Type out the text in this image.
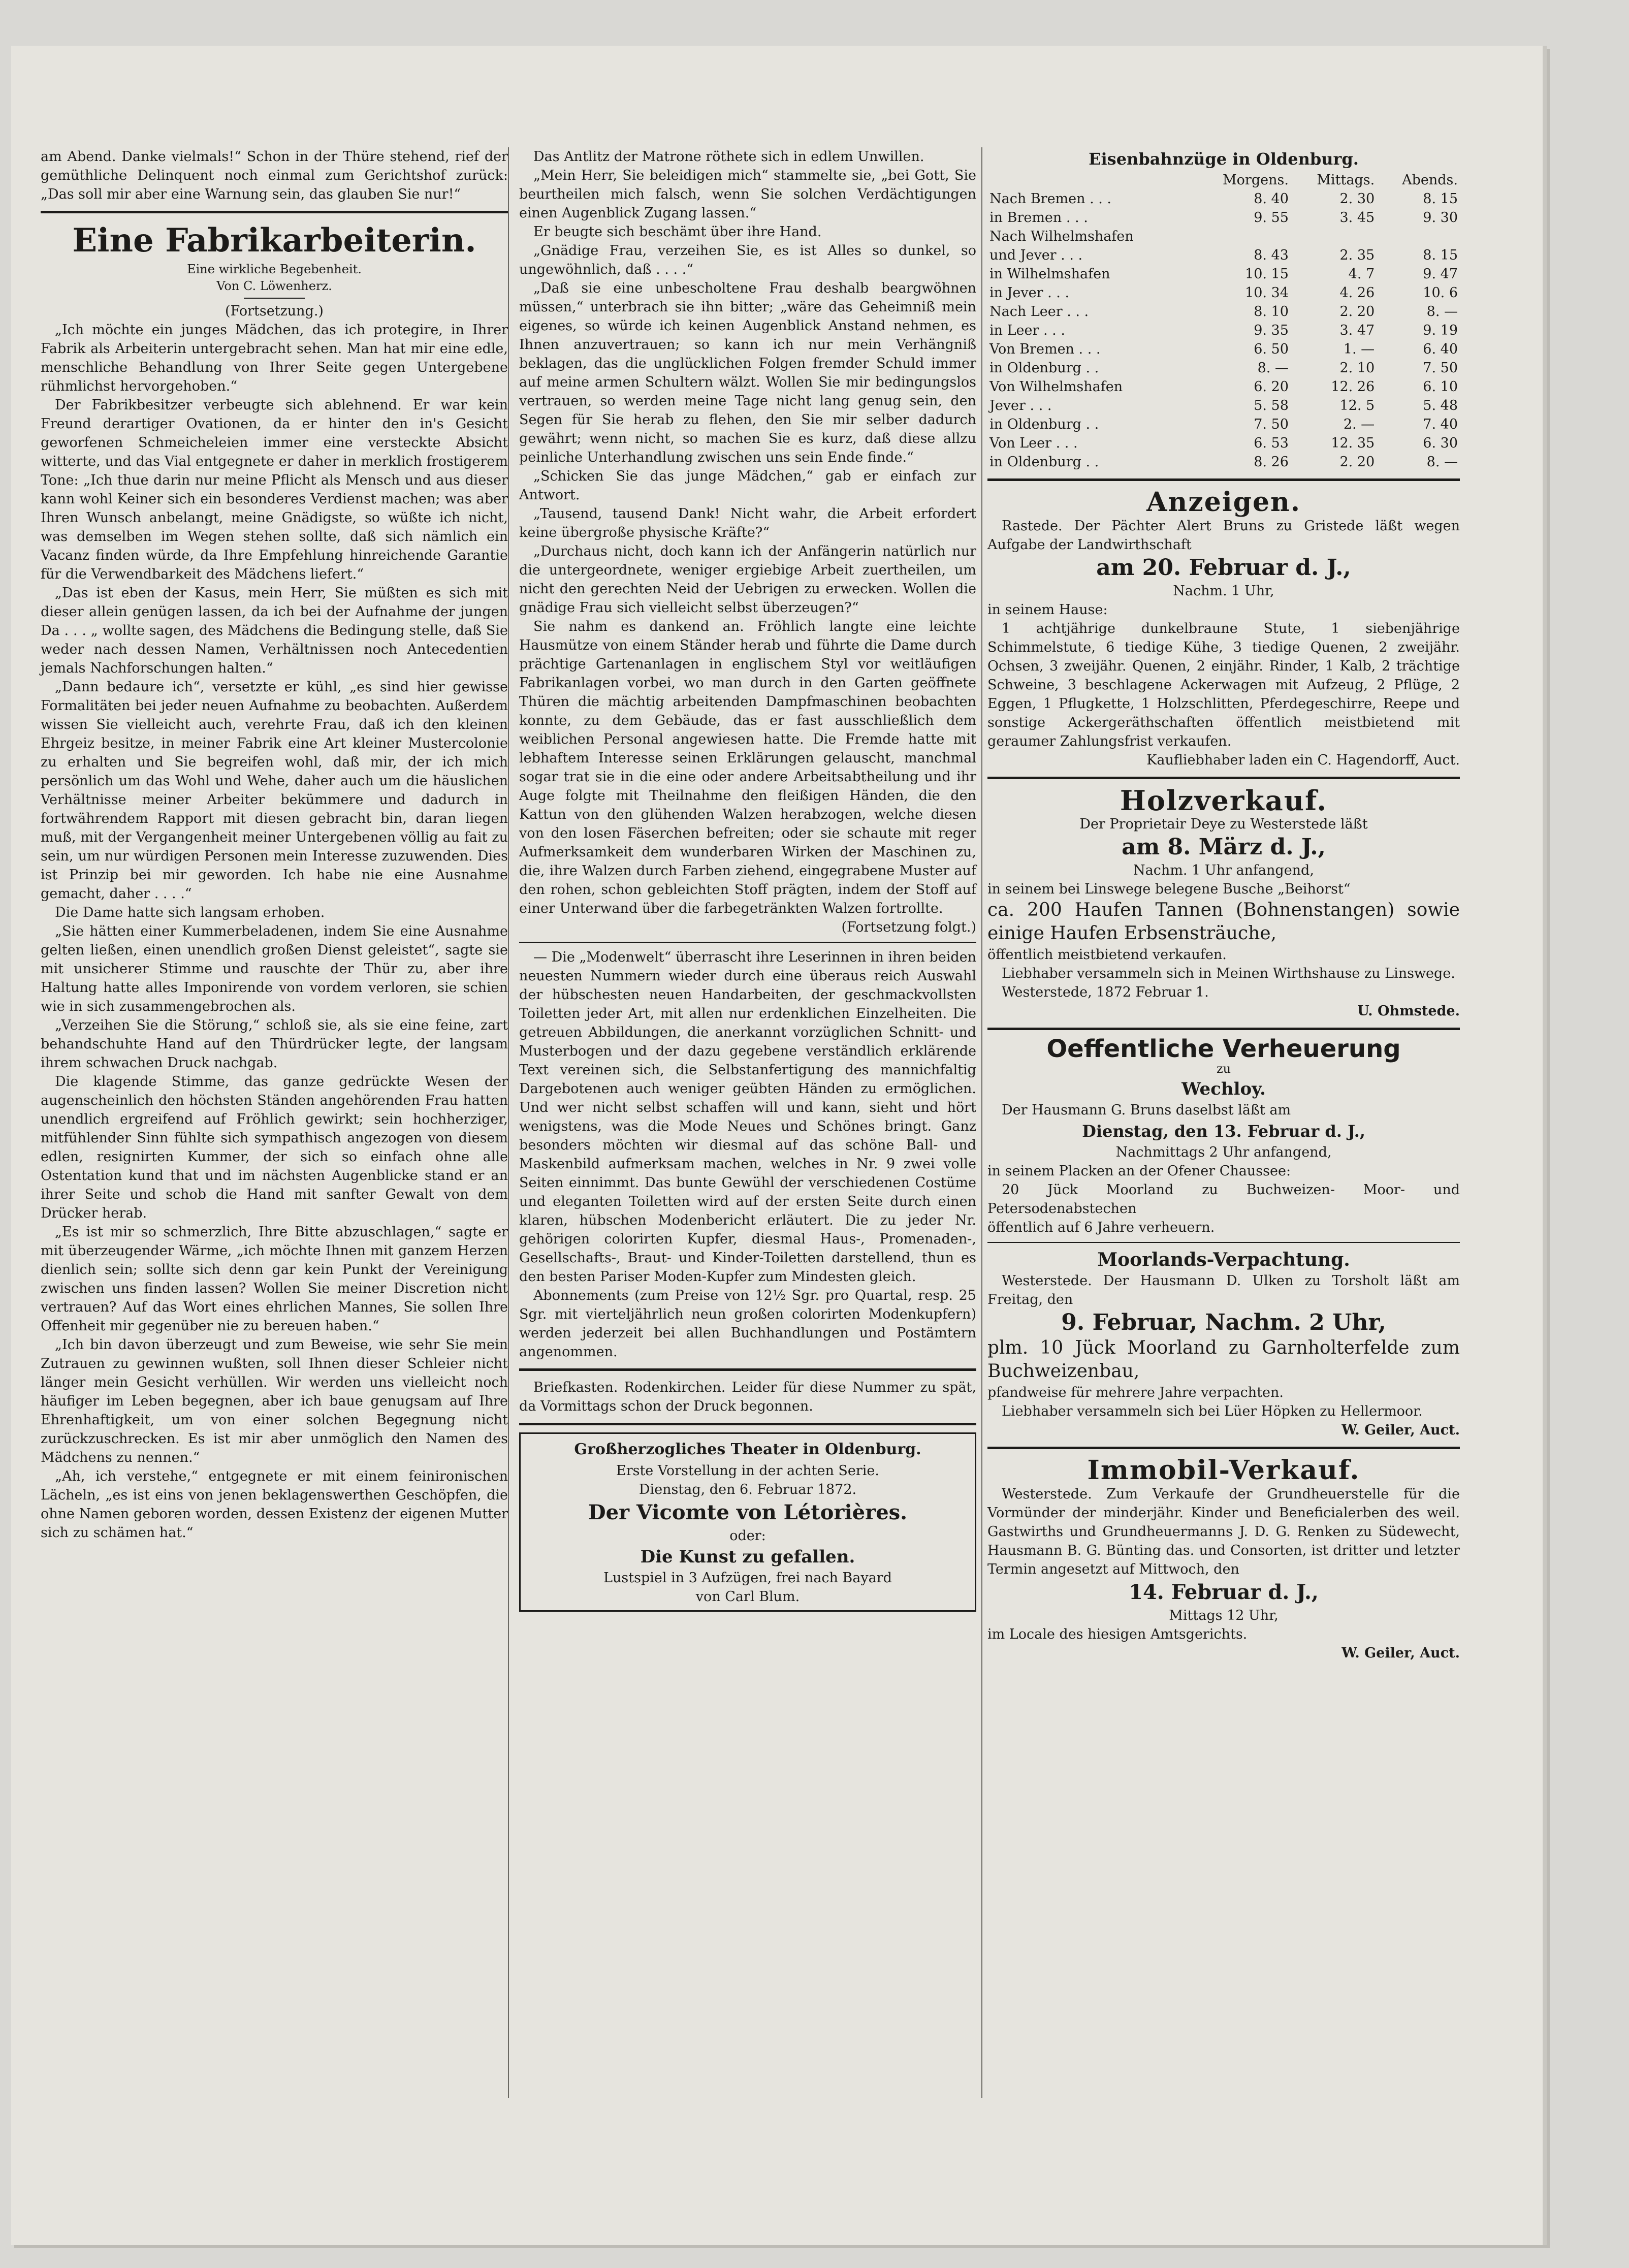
am Abend. Danke vielmals!“ Schon in der Thüre stehend, rief der gemüthliche Delinquent noch einmal zum Gerichtshof zurück: „Das soll mir aber eine Warnung sein, das glauben Sie nur!“

Eine Fabrikarbeiterin.

Eine wirkliche Begebenheit.

Von C. Löwenherz.

(Fortsetzung.)

„Ich möchte ein junges Mädchen, das ich protegire, in Ihrer Fabrik als Arbeiterin untergebracht sehen. Man hat mir eine edle, menschliche Behandlung von Ihrer Seite gegen Untergebene rühmlichst hervorgehoben.“

Der Fabrikbesitzer verbeugte sich ablehnend. Er war kein Freund derartiger Ovationen, da er hinter den in's Gesicht geworfenen Schmeicheleien immer eine versteckte Absicht witterte, und das Vial entgegnete er daher in merklich frostigerem Tone: „Ich thue darin nur meine Pflicht als Mensch und aus dieser kann wohl Keiner sich ein besonderes Verdienst machen; was aber Ihren Wunsch anbelangt, meine Gnädigste, so wüßte ich nicht, was demselben im Wegen stehen sollte, daß sich nämlich ein Vacanz finden würde, da Ihre Empfehlung hinreichende Garantie für die Verwendbarkeit des Mädchens liefert.“

„Das ist eben der Kasus, mein Herr, Sie müßten es sich mit dieser allein genügen lassen, da ich bei der Aufnahme der jungen Da . . . „ wollte sagen, des Mädchens die Bedingung stelle, daß Sie weder nach dessen Namen, Verhältnissen noch Antecedentien jemals Nachforschungen halten.“

„Dann bedaure ich“, versetzte er kühl, „es sind hier gewisse Formalitäten bei jeder neuen Aufnahme zu beobachten. Außerdem wissen Sie vielleicht auch, verehrte Frau, daß ich den kleinen Ehrgeiz besitze, in meiner Fabrik eine Art kleiner Mustercolonie zu erhalten und Sie begreifen wohl, daß mir, der ich mich persönlich um das Wohl und Wehe, daher auch um die häuslichen Verhältnisse meiner Arbeiter bekümmere und dadurch in fortwährendem Rapport mit diesen gebracht bin, daran liegen muß, mit der Vergangenheit meiner Untergebenen völlig au fait zu sein, um nur würdigen Personen mein Interesse zuzuwenden. Dies ist Prinzip bei mir geworden. Ich habe nie eine Ausnahme gemacht, daher . . . .“

Die Dame hatte sich langsam erhoben.

„Sie hätten einer Kummerbeladenen, indem Sie eine Ausnahme gelten ließen, einen unendlich großen Dienst geleistet“, sagte sie mit unsicherer Stimme und rauschte der Thür zu, aber ihre Haltung hatte alles Imponirende von vordem verloren, sie schien wie in sich zusammengebrochen als.

„Verzeihen Sie die Störung,“ schloß sie, als sie eine feine, zart behandschuhte Hand auf den Thürdrücker legte, der langsam ihrem schwachen Druck nachgab.

Die klagende Stimme, das ganze gedrückte Wesen der augenscheinlich den höchsten Ständen angehörenden Frau hatten unendlich ergreifend auf Fröhlich gewirkt; sein hochherziger, mitfühlender Sinn fühlte sich sympathisch angezogen von diesem edlen, resignirten Kummer, der sich so einfach ohne alle Ostentation kund that und im nächsten Augenblicke stand er an ihrer Seite und schob die Hand mit sanfter Gewalt von dem Drücker herab.

„Es ist mir so schmerzlich, Ihre Bitte abzuschlagen,“ sagte er mit überzeugender Wärme, „ich möchte Ihnen mit ganzem Herzen dienlich sein; sollte sich denn gar kein Punkt der Vereinigung zwischen uns finden lassen? Wollen Sie meiner Discretion nicht vertrauen? Auf das Wort eines ehrlichen Mannes, Sie sollen Ihre Offenheit mir gegenüber nie zu bereuen haben.“

„Ich bin davon überzeugt und zum Beweise, wie sehr Sie mein Zutrauen zu gewinnen wußten, soll Ihnen dieser Schleier nicht länger mein Gesicht verhüllen. Wir werden uns vielleicht noch häufiger im Leben begegnen, aber ich baue genugsam auf Ihre Ehrenhaftigkeit, um von einer solchen Begegnung nicht zurückzuschrecken. Es ist mir aber unmöglich den Namen des Mädchens zu nennen.“

„Ah, ich verstehe,“ entgegnete er mit einem feinironischen Lächeln, „es ist eins von jenen beklagenswerthen Geschöpfen, die ohne Namen geboren worden, dessen Existenz der eigenen Mutter sich zu schämen hat.“

Das Antlitz der Matrone röthete sich in edlem Unwillen.

„Mein Herr, Sie beleidigen mich“ stammelte sie, „bei Gott, Sie beurtheilen mich falsch, wenn Sie solchen Verdächtigungen einen Augenblick Zugang lassen.“

Er beugte sich beschämt über ihre Hand.

„Gnädige Frau, verzeihen Sie, es ist Alles so dunkel, so ungewöhnlich, daß . . . .“

„Daß sie eine unbescholtene Frau deshalb beargwöhnen müssen,“ unterbrach sie ihn bitter; „wäre das Geheimniß mein eigenes, so würde ich keinen Augenblick Anstand nehmen, es Ihnen anzuvertrauen; so kann ich nur mein Verhängniß beklagen, das die unglücklichen Folgen fremder Schuld immer auf meine armen Schultern wälzt. Wollen Sie mir bedingungslos vertrauen, so werden meine Tage nicht lang genug sein, den Segen für Sie herab zu flehen, den Sie mir selber dadurch gewährt; wenn nicht, so machen Sie es kurz, daß diese allzu peinliche Unterhandlung zwischen uns sein Ende finde.“

„Schicken Sie das junge Mädchen,“ gab er einfach zur Antwort.

„Tausend, tausend Dank! Nicht wahr, die Arbeit erfordert keine übergroße physische Kräfte?“

„Durchaus nicht, doch kann ich der Anfängerin natürlich nur die untergeordnete, weniger ergiebige Arbeit zuertheilen, um nicht den gerechten Neid der Uebrigen zu erwecken. Wollen die gnädige Frau sich vielleicht selbst überzeugen?“

Sie nahm es dankend an. Fröhlich langte eine leichte Hausmütze von einem Ständer herab und führte die Dame durch prächtige Gartenanlagen in englischem Styl vor weitläufigen Fabrikanlagen vorbei, wo man durch in den Garten geöffnete Thüren die mächtig arbeitenden Dampfmaschinen beobachten konnte, zu dem Gebäude, das er fast ausschließlich dem weiblichen Personal angewiesen hatte. Die Fremde hatte mit lebhaftem Interesse seinen Erklärungen gelauscht, manchmal sogar trat sie in die eine oder andere Arbeitsabtheilung und ihr Auge folgte mit Theilnahme den fleißigen Händen, die den Kattun von den glühenden Walzen herabzogen, welche diesen von den losen Fäserchen befreiten; oder sie schaute mit reger Aufmerksamkeit dem wunderbaren Wirken der Maschinen zu, die, ihre Walzen durch Farben ziehend, eingegrabene Muster auf den rohen, schon gebleichten Stoff prägten, indem der Stoff auf einer Unterwand über die farbegetränkten Walzen fortrollte.

(Fortsetzung folgt.)

— Die „Modenwelt“ überrascht ihre Leserinnen in ihren beiden neuesten Nummern wieder durch eine überaus reich Auswahl der hübschesten neuen Handarbeiten, der geschmackvollsten Toiletten jeder Art, mit allen nur erdenklichen Einzelheiten. Die getreuen Abbildungen, die anerkannt vorzüglichen Schnitt- und Musterbogen und der dazu gegebene verständlich erklärende Text vereinen sich, die Selbstanfertigung des mannichfaltig Dargebotenen auch weniger geübten Händen zu ermöglichen. Und wer nicht selbst schaffen will und kann, sieht und hört wenigstens, was die Mode Neues und Schönes bringt. Ganz besonders möchten wir diesmal auf das schöne Ball- und Maskenbild aufmerksam machen, welches in Nr. 9 zwei volle Seiten einnimmt. Das bunte Gewühl der verschiedenen Costüme und eleganten Toiletten wird auf der ersten Seite durch einen klaren, hübschen Modenbericht erläutert. Die zu jeder Nr. gehörigen colorirten Kupfer, diesmal Haus-, Promenaden-, Gesellschafts-, Braut- und Kinder-Toiletten darstellend, thun es den besten Pariser Moden-Kupfer zum Mindesten gleich.

Abonnements (zum Preise von 12½ Sgr. pro Quartal, resp. 25 Sgr. mit vierteljährlich neun großen colorirten Modenkupfern) werden jederzeit bei allen Buchhandlungen und Postämtern angenommen.

Briefkasten. Rodenkirchen. Leider für diese Nummer zu spät, da Vormittags schon der Druck begonnen.

Großherzogliches Theater in Oldenburg.

Erste Vorstellung in der achten Serie.

Dienstag, den 6. Februar 1872.

Der Vicomte von Létorières.

oder:

Die Kunst zu gefallen.

Lustspiel in 3 Aufzügen, frei nach Bayard

von Carl Blum.

Eisenbahnzüge in Oldenburg.

	Morgens.	Mittags.	Abends.
Nach Bremen . . .	8. 40	2. 30	8. 15
in Bremen . . .	9. 55	3. 45	9. 30
Nach Wilhelmshafen			
und Jever . . .	8. 43	2. 35	8. 15
in Wilhelmshafen	10. 15	4. 7	9. 47
in Jever . . .	10. 34	4. 26	10. 6
Nach Leer . . .	8. 10	2. 20	8. —
in Leer . . .	9. 35	3. 47	9. 19
Von Bremen . . .	6. 50	1. —	6. 40
in Oldenburg . .	8. —	2. 10	7. 50
Von Wilhelmshafen	6. 20	12. 26	6. 10
Jever . . .	5. 58	12. 5	5. 48
in Oldenburg . .	7. 50	2. —	7. 40
Von Leer . . .	6. 53	12. 35	6. 30
in Oldenburg . .	8. 26	2. 20	8. —

Anzeigen.

Rastede. Der Pächter Alert Bruns zu Gristede läßt wegen Aufgabe der Landwirthschaft

am 20. Februar d. J.,

Nachm. 1 Uhr,

in seinem Hause:

1 achtjährige dunkelbraune Stute, 1 siebenjährige Schimmelstute, 6 tiedige Kühe, 3 tiedige Quenen, 2 zweijähr. Ochsen, 3 zweijähr. Quenen, 2 einjähr. Rinder, 1 Kalb, 2 trächtige Schweine, 3 beschlagene Ackerwagen mit Aufzeug, 2 Pflüge, 2 Eggen, 1 Pflugkette, 1 Holzschlitten, Pferdegeschirre, Reepe und sonstige Ackergeräthschaften öffentlich meistbietend mit geraumer Zahlungsfrist verkaufen.

Kaufliebhaber laden ein C. Hagendorff, Auct.

Holzverkauf.

Der Proprietair Deye zu Westerstede läßt

am 8. März d. J.,

Nachm. 1 Uhr anfangend,

in seinem bei Linswege belegene Busche „Beihorst“

ca. 200 Haufen Tannen (Bohnenstangen) sowie einige Haufen Erbsensträuche,

öffentlich meistbietend verkaufen.

Liebhaber versammeln sich in Meinen Wirthshause zu Linswege.

Westerstede, 1872 Februar 1.

U. Ohmstede.

Oeffentliche Verheuerung

zu

Wechloy.

Der Hausmann G. Bruns daselbst läßt am

Dienstag, den 13. Februar d. J.,

Nachmittags 2 Uhr anfangend,

in seinem Placken an der Ofener Chaussee:

20 Jück Moorland zu Buchweizen- Moor- und Petersodenabstechen

öffentlich auf 6 Jahre verheuern.

Moorlands-Verpachtung.

Westerstede. Der Hausmann D. Ulken zu Torsholt läßt am Freitag, den

9. Februar, Nachm. 2 Uhr,

plm. 10 Jück Moorland zu Garnholterfelde zum Buchweizenbau,

pfandweise für mehrere Jahre verpachten.

Liebhaber versammeln sich bei Lüer Höpken zu Hellermoor.

W. Geiler, Auct.

Immobil-Verkauf.

Westerstede. Zum Verkaufe der Grundheuerstelle für die Vormünder der minderjähr. Kinder und Beneficialerben des weil. Gastwirths und Grundheuermanns J. D. G. Renken zu Südewecht, Hausmann B. G. Bünting das. und Consorten, ist dritter und letzter Termin angesetzt auf Mittwoch, den

14. Februar d. J.,

Mittags 12 Uhr,

im Locale des hiesigen Amtsgerichts.

W. Geiler, Auct.
